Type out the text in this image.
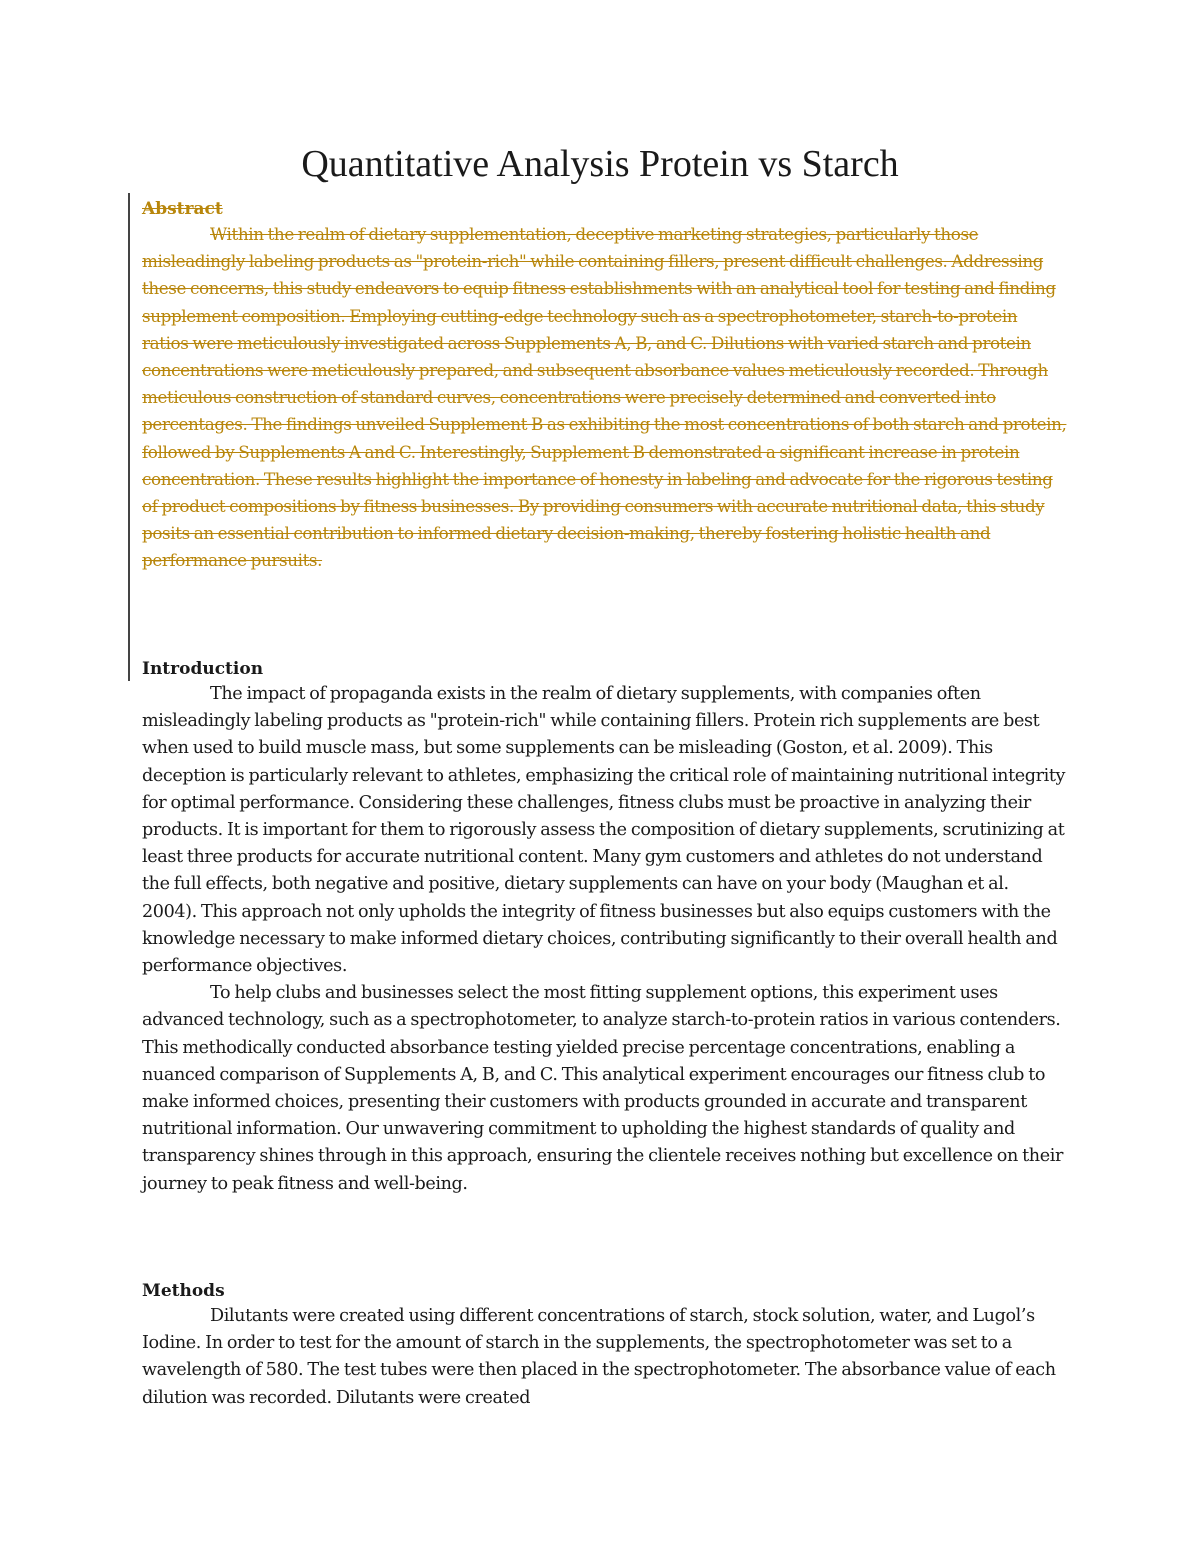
Quantitative Analysis Protein vs Starch

Abstract

Within the realm of dietary supplementation, deceptive marketing strategies, particularly those misleadingly labeling products as "protein-rich" while containing fillers, present difficult challenges. Addressing these concerns, this study endeavors to equip fitness establishments with an analytical tool for testing and finding supplement composition. Employing cutting-edge technology such as a spectrophotometer, starch-to-protein ratios were meticulously investigated across Supplements A, B, and C. Dilutions with varied starch and protein concentrations were meticulously prepared, and subsequent absorbance values meticulously recorded. Through meticulous construction of standard curves, concentrations were precisely determined and converted into percentages. The findings unveiled Supplement B as exhibiting the most concentrations of both starch and protein, followed by Supplements A and C. Interestingly, Supplement B demonstrated a significant increase in protein concentration. These results highlight the importance of honesty in labeling and advocate for the rigorous testing of product compositions by fitness businesses. By providing consumers with accurate nutritional data, this study posits an essential contribution to informed dietary decision-making, thereby fostering holistic health and performance pursuits.

Introduction

The impact of propaganda exists in the realm of dietary supplements, with companies often misleadingly labeling products as "protein-rich" while containing fillers. Protein rich supplements are best when used to build muscle mass, but some supplements can be misleading (Goston, et al. 2009). This deception is particularly relevant to athletes, emphasizing the critical role of maintaining nutritional integrity for optimal performance. Considering these challenges, fitness clubs must be proactive in analyzing their products. It is important for them to rigorously assess the composition of dietary supplements, scrutinizing at least three products for accurate nutritional content. Many gym customers and athletes do not understand the full effects, both negative and positive, dietary supplements can have on your body (Maughan et al. 2004). This approach not only upholds the integrity of fitness businesses but also equips customers with the knowledge necessary to make informed dietary choices, contributing significantly to their overall health and performance objectives.

To help clubs and businesses select the most fitting supplement options, this experiment uses advanced technology, such as a spectrophotometer, to analyze starch-to-protein ratios in various contenders. This methodically conducted absorbance testing yielded precise percentage concentrations, enabling a nuanced comparison of Supplements A, B, and C. This analytical experiment encourages our fitness club to make informed choices, presenting their customers with products grounded in accurate and transparent nutritional information. Our unwavering commitment to upholding the highest standards of quality and transparency shines through in this approach, ensuring the clientele receives nothing but excellence on their journey to peak fitness and well-being.

Methods

Dilutants were created using different concentrations of starch, stock solution, water, and Lugol’s Iodine. In order to test for the amount of starch in the supplements, the spectrophotometer was set to a wavelength of 580. The test tubes were then placed in the spectrophotometer. The absorbance value of each dilution was recorded. Dilutants were created
